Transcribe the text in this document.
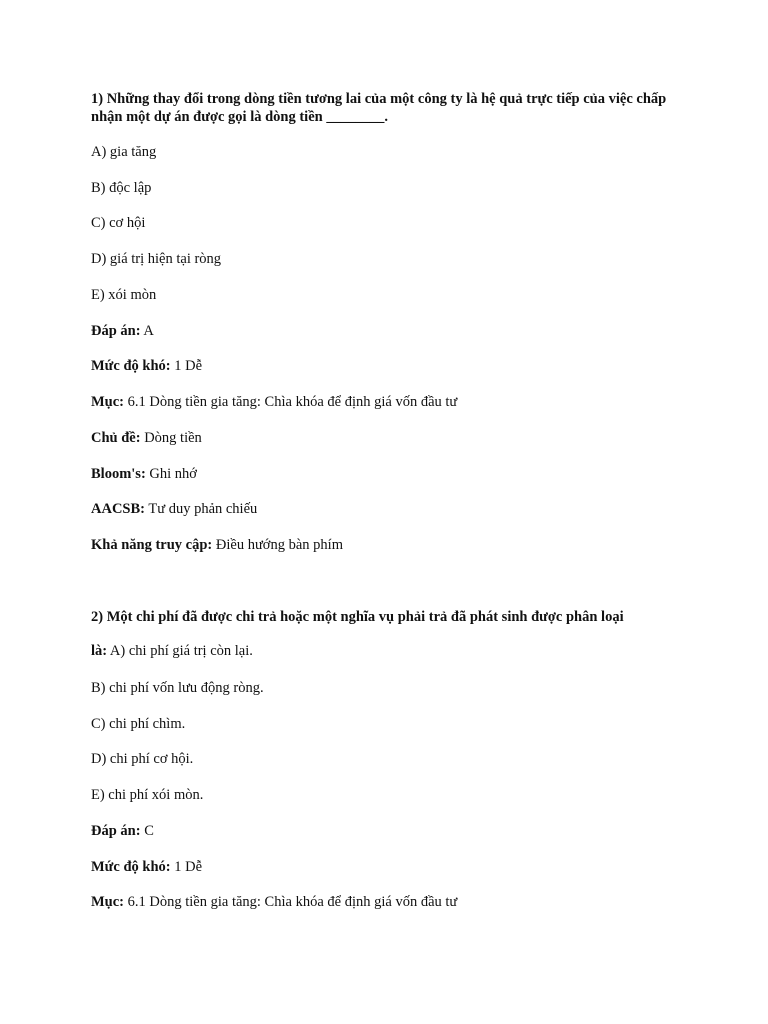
1) Những thay đổi trong dòng tiền tương lai của một công ty là hệ quả trực tiếp của việc chấp nhận một dự án được gọi là dòng tiền ________.

A) gia tăng

B) độc lập

C) cơ hội

D) giá trị hiện tại ròng

E) xói mòn

Đáp án: A

Mức độ khó: 1 Dễ

Mục: 6.1 Dòng tiền gia tăng: Chìa khóa để định giá vốn đầu tư

Chủ đề: Dòng tiền

Bloom's: Ghi nhớ

AACSB: Tư duy phản chiếu

Khả năng truy cập: Điều hướng bàn phím

2) Một chi phí đã được chi trả hoặc một nghĩa vụ phải trả đã phát sinh được phân loại

là: A) chi phí giá trị còn lại.

B) chi phí vốn lưu động ròng.

C) chi phí chìm.

D) chi phí cơ hội.

E) chi phí xói mòn.

Đáp án: C

Mức độ khó: 1 Dễ

Mục: 6.1 Dòng tiền gia tăng: Chìa khóa để định giá vốn đầu tư
